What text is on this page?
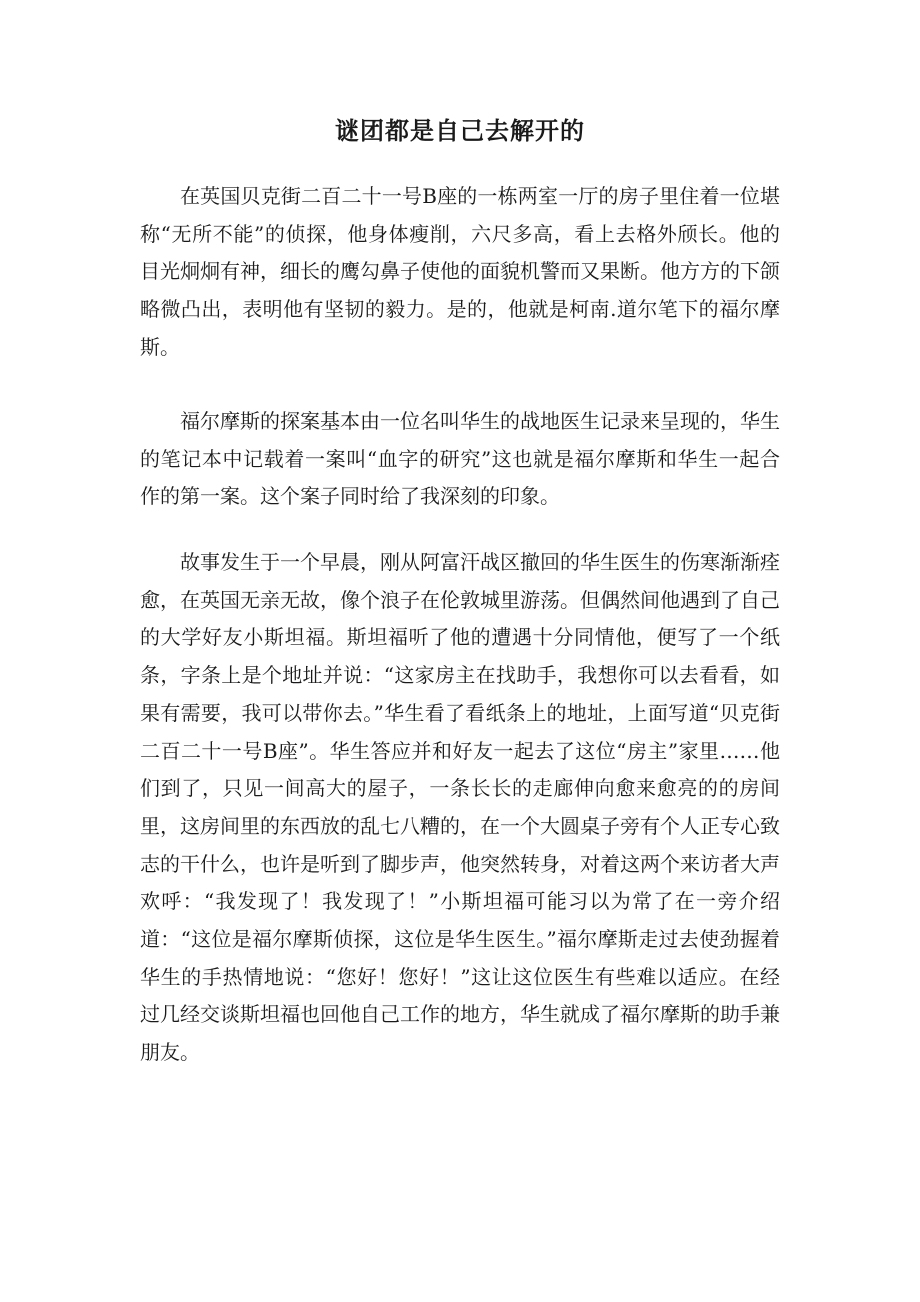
谜团都是自己去解开的

在英国贝克街二百二十一号B座的一栋两室一厅的房子里住着一位堪称“无所不能”的侦探，他身体瘦削，六尺多高，看上去格外颀长。他的目光炯炯有神，细长的鹰勾鼻子使他的面貌机警而又果断。他方方的下颌略微凸出，表明他有坚韧的毅力。是的，他就是柯南.道尔笔下的福尔摩斯。

福尔摩斯的探案基本由一位名叫华生的战地医生记录来呈现的，华生的笔记本中记载着一案叫“血字的研究”这也就是福尔摩斯和华生一起合作的第一案。这个案子同时给了我深刻的印象。

故事发生于一个早晨，刚从阿富汗战区撤回的华生医生的伤寒渐渐痊愈，在英国无亲无故，像个浪子在伦敦城里游荡。但偶然间他遇到了自己的大学好友小斯坦福。斯坦福听了他的遭遇十分同情他，便写了一个纸条，字条上是个地址并说：“这家房主在找助手，我想你可以去看看，如果有需要，我可以带你去。”华生看了看纸条上的地址，上面写道“贝克街二百二十一号B座”。华生答应并和好友一起去了这位“房主”家里……他们到了，只见一间高大的屋子，一条长长的走廊伸向愈来愈亮的的房间里，这房间里的东西放的乱七八糟的，在一个大圆桌子旁有个人正专心致志的干什么，也许是听到了脚步声，他突然转身，对着这两个来访者大声欢呼：“我发现了！我发现了！”小斯坦福可能习以为常了在一旁介绍道：“这位是福尔摩斯侦探，这位是华生医生。”福尔摩斯走过去使劲握着华生的手热情地说：“您好！您好！”这让这位医生有些难以适应。在经过几经交谈斯坦福也回他自己工作的地方，华生就成了福尔摩斯的助手兼朋友。
